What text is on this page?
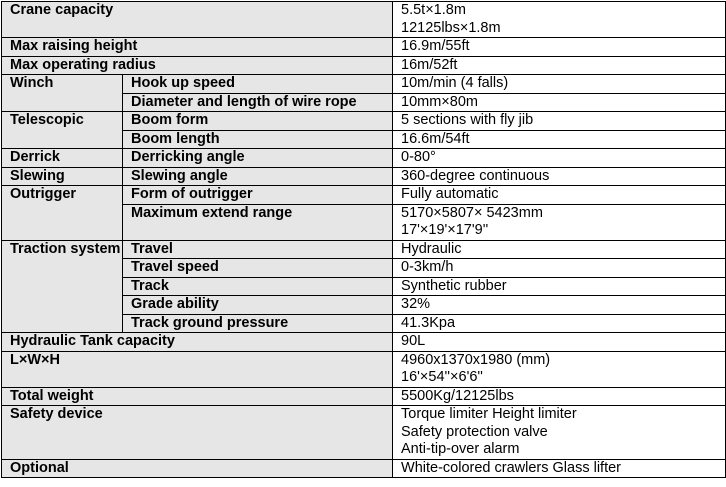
Crane capacity		5.5t×1.8m
12125lbs×1.8m

Max raising height		16.9m/55ft

Max operating radius		16m/52ft

Winch	Hook up speed	10m/min (4 falls)

	Diameter and length of wire rope	10mm×80m

Telescopic	Boom form	5 sections with fly jib

	Boom length	16.6m/54ft

Derrick	Derricking angle	0-80°

Slewing	Slewing angle	360-degree continuous

Outrigger	Form of outrigger	Fully automatic

	Maximum extend range	5170×5807× 5423mm
17'×19'×17'9''

Traction system	Travel	Hydraulic

	Travel speed	0-3km/h

	Track	Synthetic rubber

	Grade ability	32%

	Track ground pressure	41.3Kpa

Hydraulic Tank capacity		90L

L×W×H		4960x1370x1980 (mm)
16'×54''×6'6''

Total weight		5500Kg/12125lbs

Safety device		Torque limiter Height limiter
Safety protection valve
Anti-tip-over alarm

Optional		White-colored crawlers Glass lifter
